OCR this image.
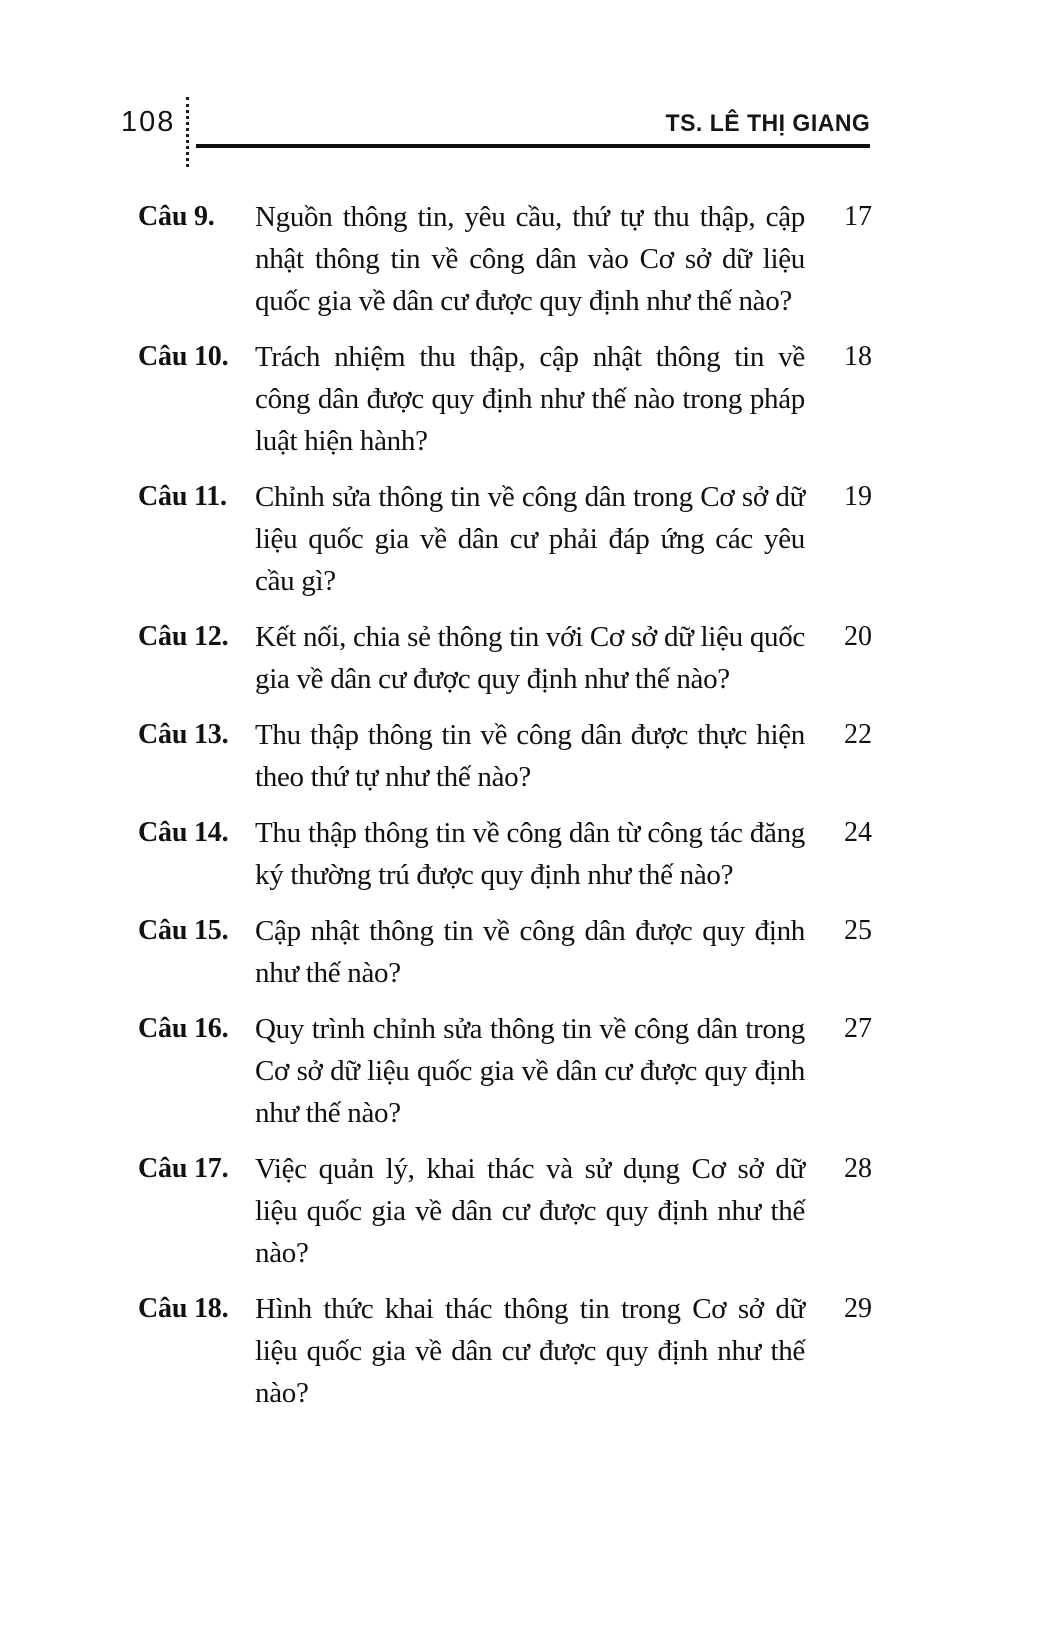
108	TS. LÊ THỊ GIANG
Câu 9.	Nguồn thông tin, yêu cầu, thứ tự thu thập, cập nhật thông tin về công dân vào Cơ sở dữ liệu quốc gia về dân cư được quy định như thế nào?

17
Câu 10. Trách nhiệm thu thập, cập nhật thông tin về công dân được quy định như thế nào trong pháp luật hiện hành?

18
Câu 11. Chỉnh sửa thông tin về công dân trong Cơ sở dữ liệu quốc gia về dân cư phải đáp ứng các yêu cầu gì?

19
Câu 12. Kết nối, chia sẻ thông tin với Cơ sở dữ liệu quốc gia về dân cư được quy định như thế nào?

20
Câu 13. Thu thập thông tin về công dân được thực hiện theo thứ tự như thế nào?

22
Câu 14. Thu thập thông tin về công dân từ công tác đăng ký thường trú được quy định như thế nào?

24
Câu 15. Cập nhật thông tin về công dân được quy định như thế nào?

25
Câu 16. Quy trình chỉnh sửa thông tin về công dân trong Cơ sở dữ liệu quốc gia về dân cư được quy định như thế nào?

27
Câu 17. Việc quản lý, khai thác và sử dụng Cơ sở dữ liệu quốc gia về dân cư được quy định như thế nào?

28
Câu 18. Hình thức khai thác thông tin trong Cơ sở dữ liệu quốc gia về dân cư được quy định như thế nào?

29
